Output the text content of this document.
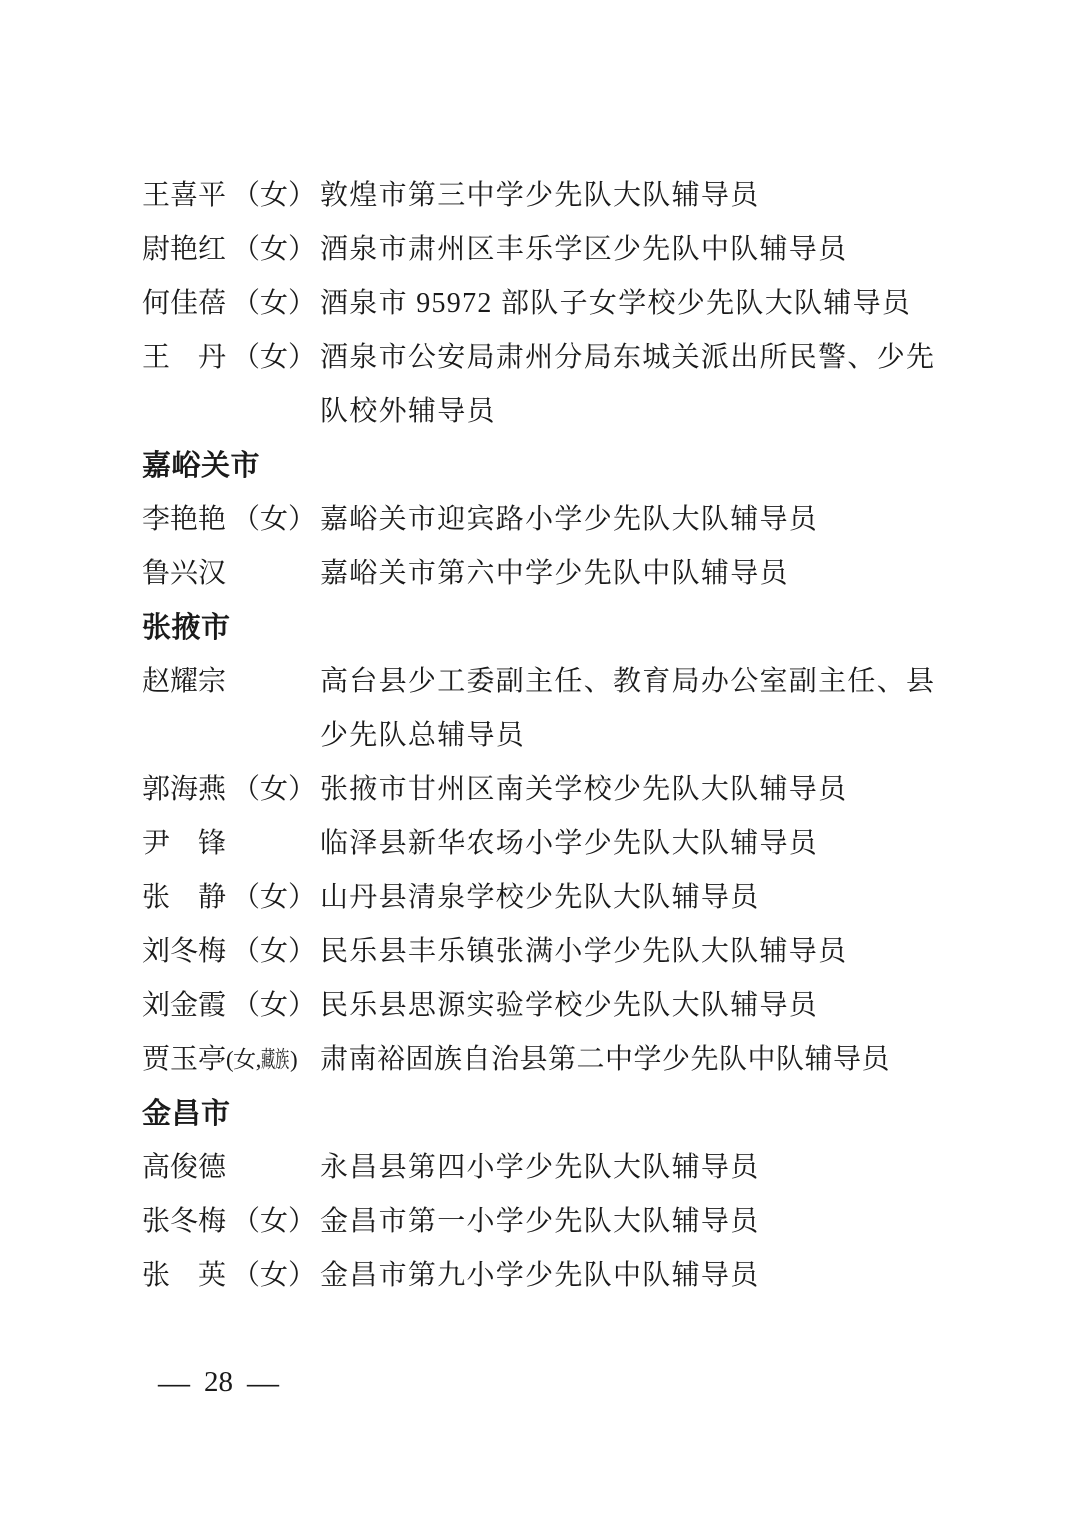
王喜平 （女） 敦煌市第三中学少先队大队辅导员
尉艳红 （女） 酒泉市肃州区丰乐学区少先队中队辅导员
何佳蓓 （女） 酒泉市 95972 部队子女学校少先队大队辅导员
王　丹 （女） 酒泉市公安局肃州分局东城关派出所民警、少先队校外辅导员
嘉峪关市
李艳艳 （女） 嘉峪关市迎宾路小学少先队大队辅导员
鲁兴汉	嘉峪关市第六中学少先队中队辅导员
张掖市
赵耀宗	高台县少工委副主任、教育局办公室副主任、县少先队总辅导员
郭海燕 （女） 张掖市甘州区南关学校少先队大队辅导员
尹　锋	临泽县新华农场小学少先队大队辅导员
张　静 （女） 山丹县清泉学校少先队大队辅导员
刘冬梅 （女） 民乐县丰乐镇张满小学少先队大队辅导员
刘金霞 （女） 民乐县思源实验学校少先队大队辅导员
贾玉亭 (女,藏族) 肃南裕固族自治县第二中学少先队中队辅导员
金昌市
高俊德	永昌县第四小学少先队大队辅导员
张冬梅 （女） 金昌市第一小学少先队大队辅导员
张　英 （女） 金昌市第九小学少先队中队辅导员
— 28 —
